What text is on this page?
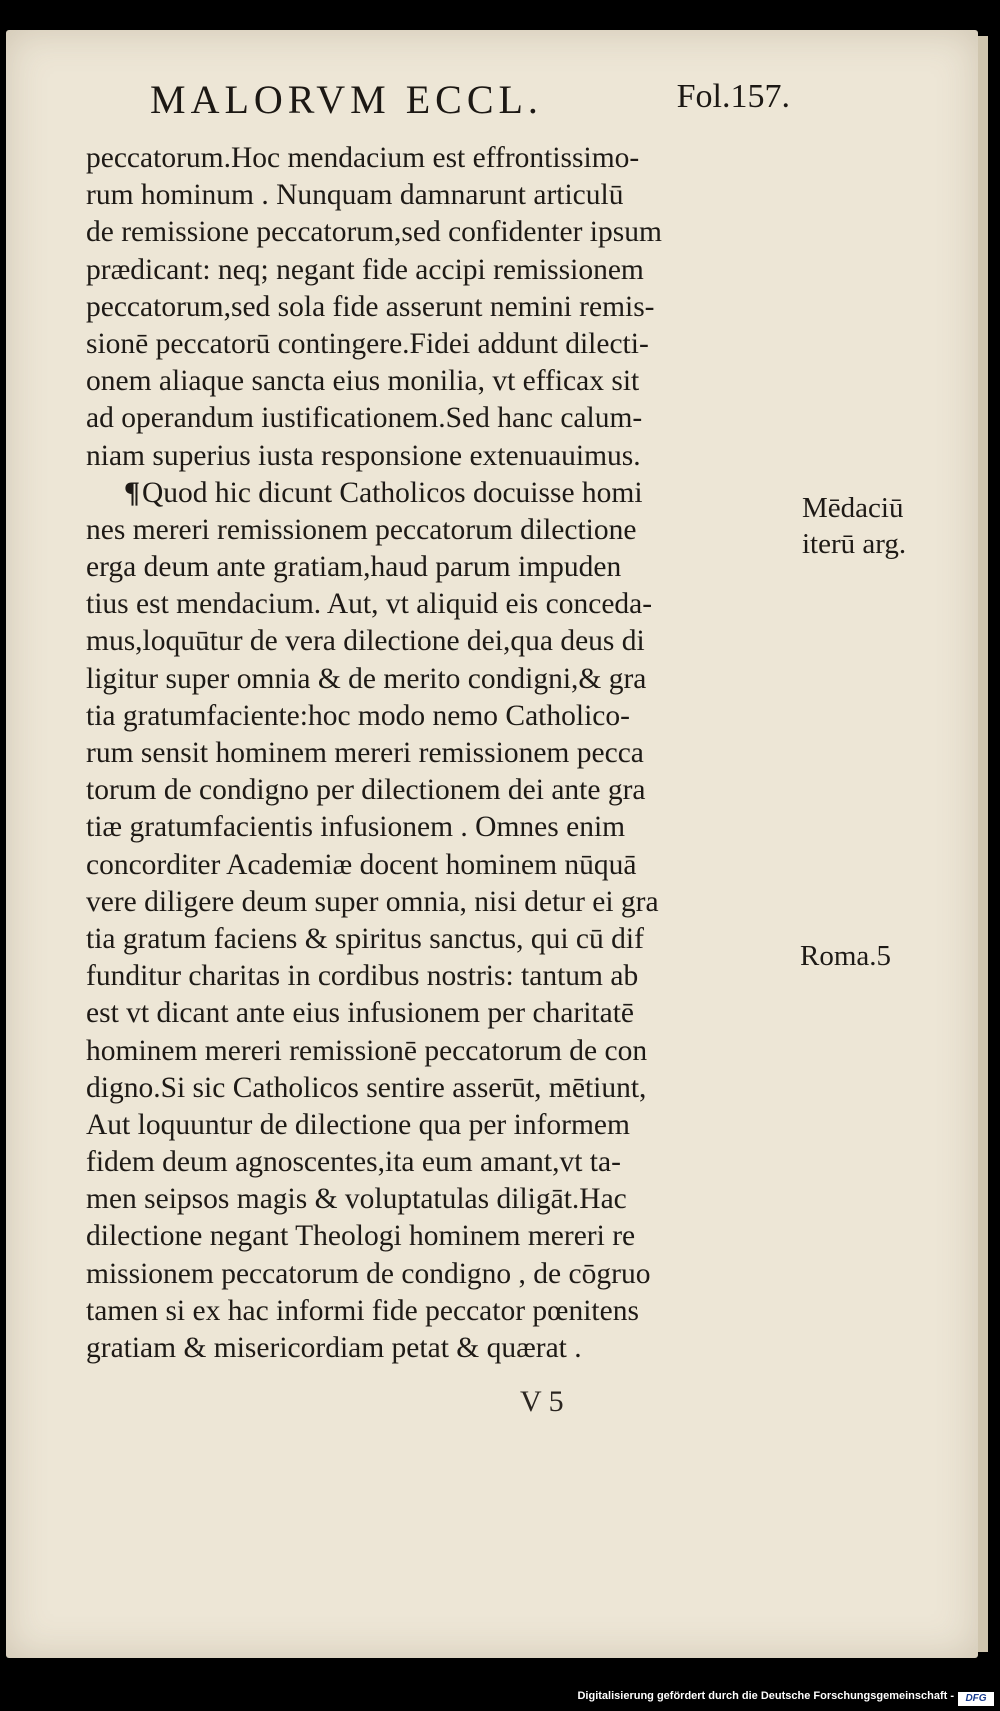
MALORVM ECCL.	Fol.157.
peccatorum.Hoc mendacium est effrontissimo-
rum hominum . Nunquam damnarunt articulū
de remissione peccatorum,sed confidenter ipsum
prædicant: neq; negant fide accipi remissionem
peccatorum,sed sola fide asserunt nemini remis-
sionē peccatorū contingere.Fidei addunt dilecti-
onem aliaque sancta eius monilia, vt efficax sit
ad operandum iustificationem.Sed hanc calum-
niam superius iusta responsione extenuauimus.
¶Quod hic dicunt Catholicos docuisse homi
nes mereri remissionem peccatorum dilectione
erga deum ante gratiam,haud parum impuden
tius est mendacium. Aut, vt aliquid eis conceda-
mus,loquūtur de vera dilectione dei,qua deus di
ligitur super omnia & de merito condigni,& gra
tia gratumfaciente:hoc modo nemo Catholico-
rum sensit hominem mereri remissionem pecca
torum de condigno per dilectionem dei ante gra
tiæ gratumfacientis infusionem . Omnes enim
concorditer Academiæ docent hominem nūquā
vere diligere deum super omnia, nisi detur ei gra
tia gratum faciens & spiritus sanctus, qui cū dif
funditur charitas in cordibus nostris: tantum ab
est vt dicant ante eius infusionem per charitatē
hominem mereri remissionē peccatorum de con
digno.Si sic Catholicos sentire asserūt, mētiunt,
Aut loquuntur de dilectione qua per informem
fidem deum agnoscentes,ita eum amant,vt ta-
men seipsos magis & voluptatulas diligāt.Hac
dilectione negant Theologi hominem mereri re
missionem peccatorum de condigno , de cōgruo
tamen si ex hac informi fide peccator pœnitens
gratiam & misericordiam petat & quærat .
Mēdaciū
iterū arg.
Roma.5
V 5
Digitalisierung gefördert durch die Deutsche Forschungsgemeinschaft -	DFG
